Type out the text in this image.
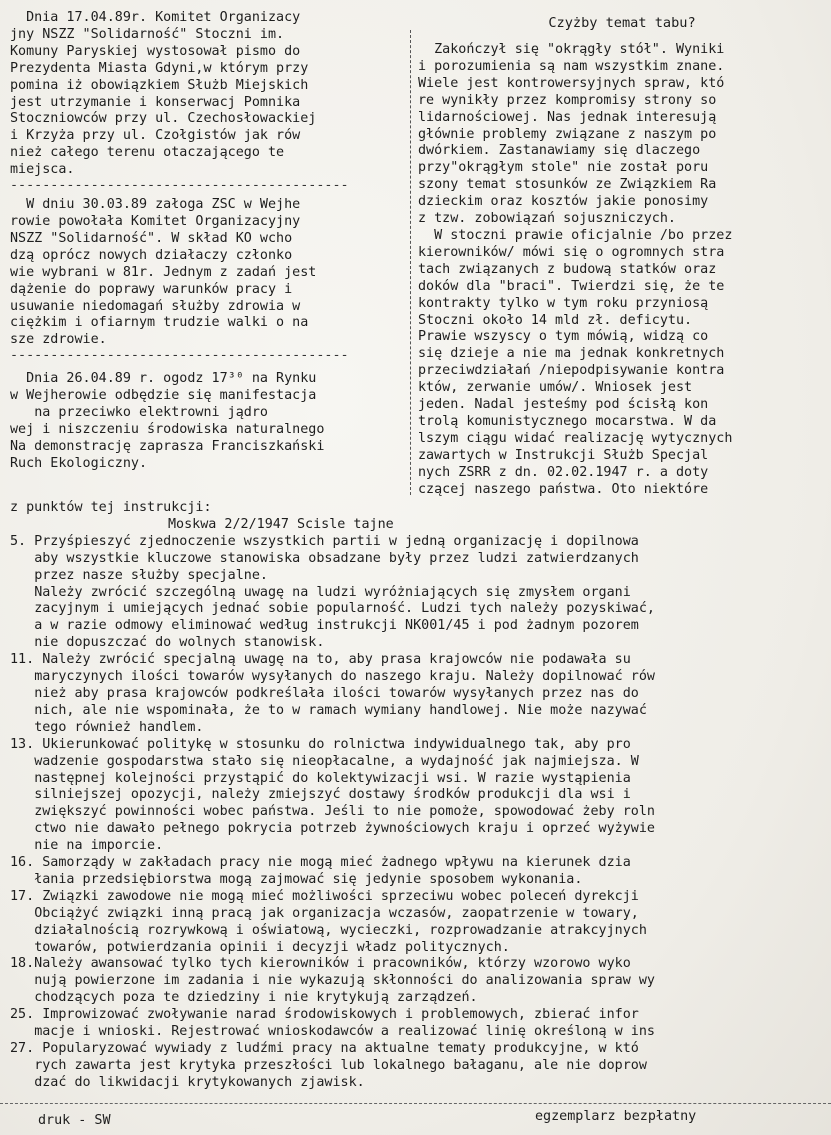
Dnia 17.04.89r. Komitet Organizacy
jny NSZZ "Solidarność" Stoczni im.
Komuny Paryskiej wystosował pismo do
Prezydenta Miasta Gdyni,w którym przy
pomina iż obowiązkiem Służb Miejskich
jest utrzymanie i konserwacj Pomnika
Stoczniowców przy ul. Czechosłowackiej
i Krzyża przy ul. Czołgistów jak rów
nież całego terenu otaczającego te
miejsca.

------------------------------------------

W dniu 30.03.89 załoga ZSC w Wejhe
rowie powołała Komitet Organizacyjny
NSZZ "Solidarność". W skład KO wcho
dzą oprócz nowych działaczy członko
wie wybrani w 81r. Jednym z zadań jest
dążenie do poprawy warunków pracy i
usuwanie niedomagań służby zdrowia w
ciężkim i ofiarnym trudzie walki o na
sze zdrowie.

------------------------------------------

Dnia 26.04.89 r. ogodz 17³⁰ na Rynku
w Wejherowie odbędzie się manifestacja
na przeciwko elektrowni jądro
wej i niszczeniu środowiska naturalnego
Na demonstrację zaprasza Franciszkański
Ruch Ekologiczny.

Czyżby temat tabu?

Zakończył się "okrągły stół". Wyniki
i porozumienia są nam wszystkim znane.
Wiele jest kontrowersyjnych spraw, któ
re wynikły przez kompromisy strony so
lidarnościowej. Nas jednak interesują
głównie problemy związane z naszym po
dwórkiem. Zastanawiamy się dlaczego
przy"okrągłym stole" nie został poru
szony temat stosunków ze Związkiem Ra
dzieckim oraz kosztów jakie ponosimy
z tzw. zobowiązań sojuszniczych.

W stoczni prawie oficjalnie /bo przez
kierowników/ mówi się o ogromnych stra
tach związanych z budową statków oraz
doków dla "braci". Twierdzi się, że te
kontrakty tylko w tym roku przyniosą
Stoczni około 14 mld zł. deficytu.
Prawie wszyscy o tym mówią, widzą co
się dzieje a nie ma jednak konkretnych
przeciwdziałań /niepodpisywanie kontra
któw, zerwanie umów/. Wniosek jest
jeden. Nadal jesteśmy pod ścisłą kon
trolą komunistycznego mocarstwa. W da
lszym ciągu widać realizację wytycznych
zawartych w Instrukcji Służb Specjal
nych ZSRR z dn. 02.02.1947 r. a doty
czącej naszego państwa. Oto niektóre

z punktów tej instrukcji:

Moskwa 2/2/1947 Scisle tajne

5. Przyśpieszyć zjednoczenie wszystkich partii w jedną organizację i dopilnowa
aby wszystkie kluczowe stanowiska obsadzane były przez ludzi zatwierdzanych
przez nasze służby specjalne.

Należy zwrócić szczególną uwagę na ludzi wyróżniających się zmysłem organi
zacyjnym i umiejących jednać sobie popularność. Ludzi tych należy pozyskiwać,
a w razie odmowy eliminować według instrukcji NK001/45 i pod żadnym pozorem
nie dopuszczać do wolnych stanowisk.

11. Należy zwrócić specjalną uwagę na to, aby prasa krajowców nie podawała su
maryczynych ilości towarów wysyłanych do naszego kraju. Należy dopilnować rów
nież aby prasa krajowców podkreślała ilości towarów wysyłanych przez nas do
nich, ale nie wspominała, że to w ramach wymiany handlowej. Nie może nazywać
tego również handlem.

13. Ukierunkować politykę w stosunku do rolnictwa indywidualnego tak, aby pro
wadzenie gospodarstwa stało się nieopłacalne, a wydajność jak najmiejsza. W
następnej kolejności przystąpić do kolektywizacji wsi. W razie wystąpienia
silniejszej opozycji, należy zmiejszyć dostawy środków produkcji dla wsi i
zwiększyć powinności wobec państwa. Jeśli to nie pomoże, spowodować żeby roln
ctwo nie dawało pełnego pokrycia potrzeb żywnościowych kraju i oprzeć wyżywie
nie na imporcie.

16. Samorządy w zakładach pracy nie mogą mieć żadnego wpływu na kierunek dzia
łania przedsiębiorstwa mogą zajmować się jedynie sposobem wykonania.

17. Związki zawodowe nie mogą mieć możliwości sprzeciwu wobec poleceń dyrekcji
Obciążyć związki inną pracą jak organizacja wczasów, zaopatrzenie w towary,
działalnością rozrywkową i oświatową, wycieczki, rozprowadzanie atrakcyjnych
towarów, potwierdzania opinii i decyzji władz politycznych.

18.Należy awansować tylko tych kierowników i pracowników, którzy wzorowo wyko
nują powierzone im zadania i nie wykazują skłonności do analizowania spraw wy
chodzących poza te dziedziny i nie krytykują zarządzeń.

25. Improwizować zwoływanie narad środowiskowych i problemowych, zbierać infor
macje i wnioski. Rejestrować wnioskodawców a realizować linię określoną w ins

27. Popularyzować wywiady z ludźmi pracy na aktualne tematy produkcyjne, w któ
rych zawarta jest krytyka przeszłości lub lokalnego bałaganu, ale nie doprow
dzać do likwidacji krytykowanych zjawisk.

druk - SW	egzemplarz bezpłatny
